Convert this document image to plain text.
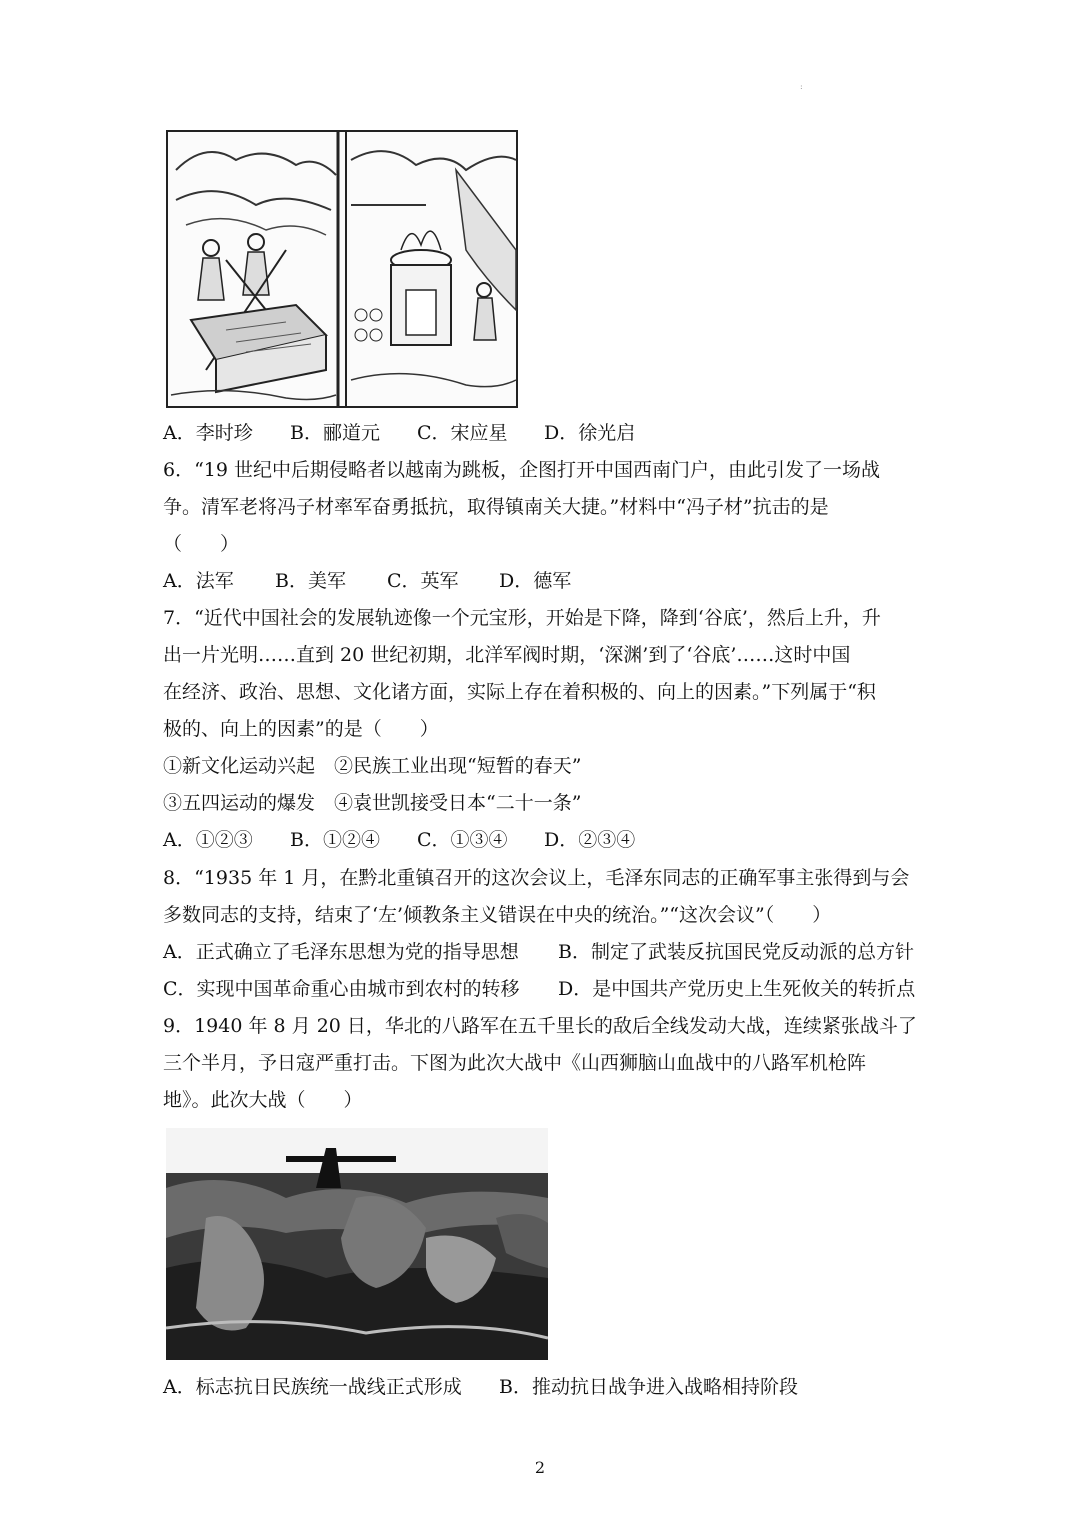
:
A．李时珍 B．郦道元 C．宋应星 D．徐光启
6．“19 世纪中后期侵略者以越南为跳板，企图打开中国西南门户，由此引发了一场战
争。清军老将冯子材率军奋勇抵抗，取得镇南关大捷。”材料中“冯子材”抗击的是
（　　）
A．法军 B．美军 C．英军 D．德军
7．“近代中国社会的发展轨迹像一个元宝形，开始是下降，降到‘谷底’，然后上升，升
出一片光明……直到 20 世纪初期，北洋军阀时期，‘深渊’到了‘谷底’……这时中国
在经济、政治、思想、文化诸方面，实际上存在着积极的、向上的因素。”下列属于“积
极的、向上的因素”的是（　　）
①新文化运动兴起　②民族工业出现“短暂的春天”
③五四运动的爆发　④袁世凯接受日本“二十一条”
A．①②③ B．①②④ C．①③④ D．②③④
8．“1935 年 1 月，在黔北重镇召开的这次会议上，毛泽东同志的正确军事主张得到与会
多数同志的支持，结束了‘左’倾教条主义错误在中央的统治。”“这次会议”（　　）
A．正式确立了毛泽东思想为党的指导思想 B．制定了武装反抗国民党反动派的总方针
C．实现中国革命重心由城市到农村的转移 D．是中国共产党历史上生死攸关的转折点
9．1940 年 8 月 20 日，华北的八路军在五千里长的敌后全线发动大战，连续紧张战斗了
三个半月，予日寇严重打击。下图为此次大战中《山西狮脑山血战中的八路军机枪阵
地》。此次大战（　　）
A．标志抗日民族统一战线正式形成 B．推动抗日战争进入战略相持阶段
2
